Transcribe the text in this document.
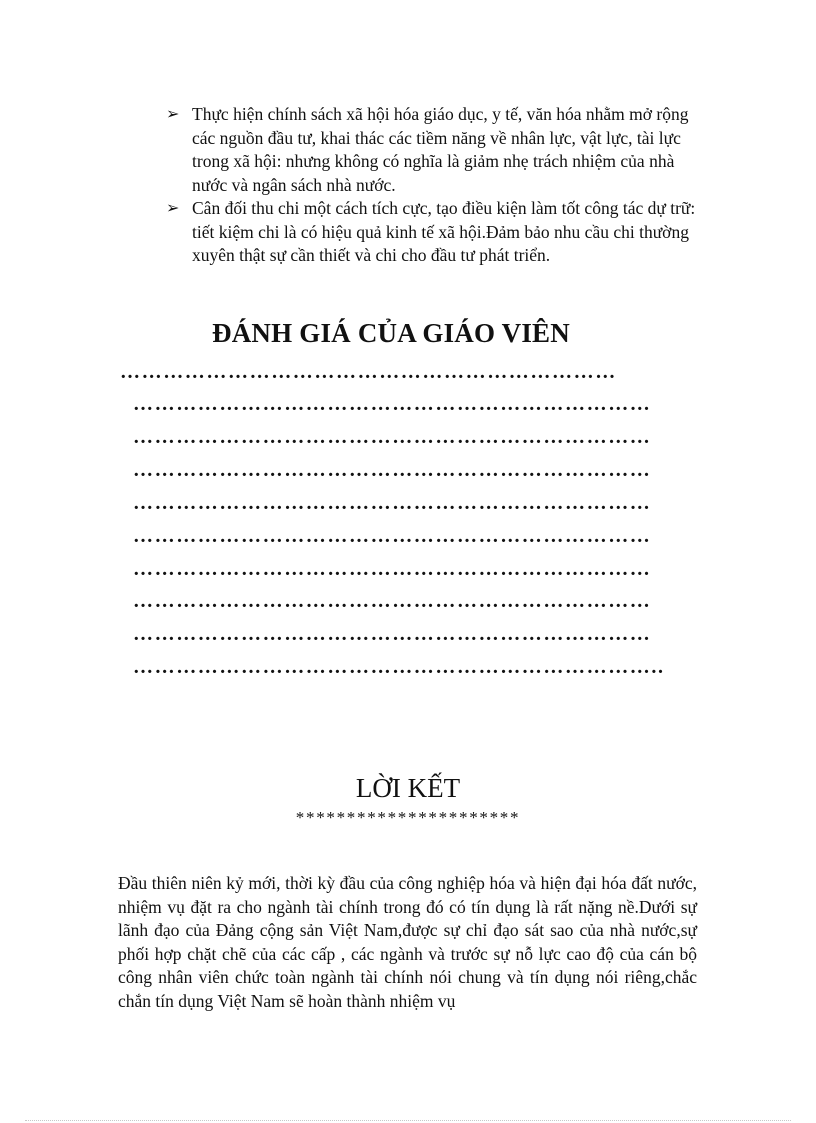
➢ Thực hiện chính sách xã hội hóa giáo dục, y tế, văn hóa nhằm mở rộng các nguồn đầu tư, khai thác các tiềm năng về nhân lực, vật lực, tài lực trong xã hội: nhưng không có nghĩa là giảm nhẹ trách nhiệm của nhà nước và ngân sách nhà nước.
➢ Cân đối thu chi một cách tích cực, tạo điều kiện làm tốt công tác dự trữ: tiết kiệm chi là có hiệu quả kinh tế xã hội.Đảm bảo nhu cầu chi thường xuyên thật sự cần thiết và chi cho đầu tư phát triển.
ĐÁNH GIÁ CỦA GIÁO VIÊN
……………………………………………………………
………………………………………………………………
………………………………………………………………
………………………………………………………………
………………………………………………………………
………………………………………………………………
………………………………………………………………
………………………………………………………………
………………………………………………………………
………………………………………………………………..
LỜI KẾT
**********************
Đầu thiên niên kỷ mới, thời kỳ đầu của công nghiệp hóa và hiện đại hóa đất nước, nhiệm vụ đặt ra cho ngành tài chính trong đó có tín dụng là rất nặng nề.Dưới sự lãnh đạo của Đảng cộng sản Việt Nam,được sự chỉ đạo sát sao của nhà nước,sự phối hợp chặt chẽ của các cấp , các ngành và trước sự nỗ lực cao độ của cán bộ công nhân viên chức toàn ngành tài chính nói chung và tín dụng nói riêng,chắc chắn tín dụng Việt Nam sẽ hoàn thành nhiệm vụ
